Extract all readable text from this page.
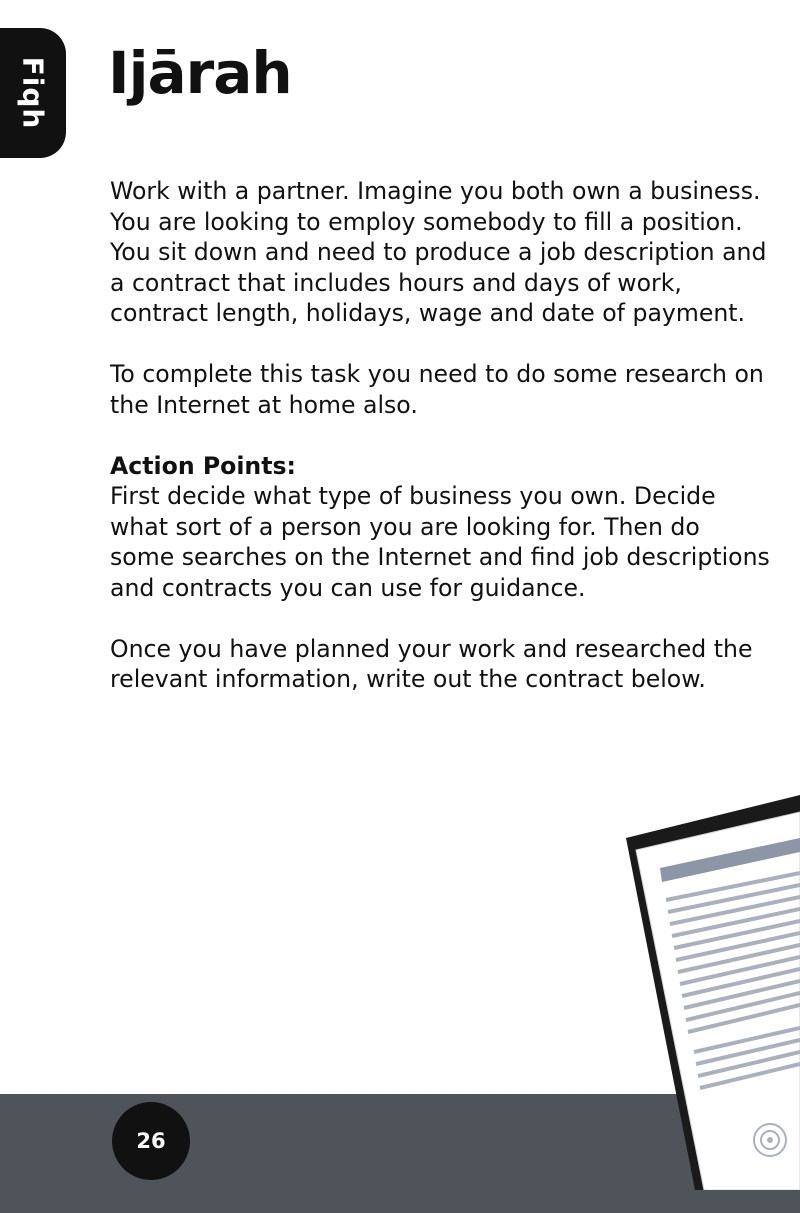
Fiqh Ijārah

Work with a partner. Imagine you both own a business. You are looking to employ somebody to fill a position. You sit down and need to produce a job description and a contract that includes hours and days of work, contract length, holidays, wage and date of payment.

To complete this task you need to do some research on the Internet at home also.

Action Points:
First decide what type of business you own. Decide what sort of a person you are looking for. Then do some searches on the Internet and find job descriptions and contracts you can use for guidance.

Once you have planned your work and researched the relevant information, write out the contract below.

26
